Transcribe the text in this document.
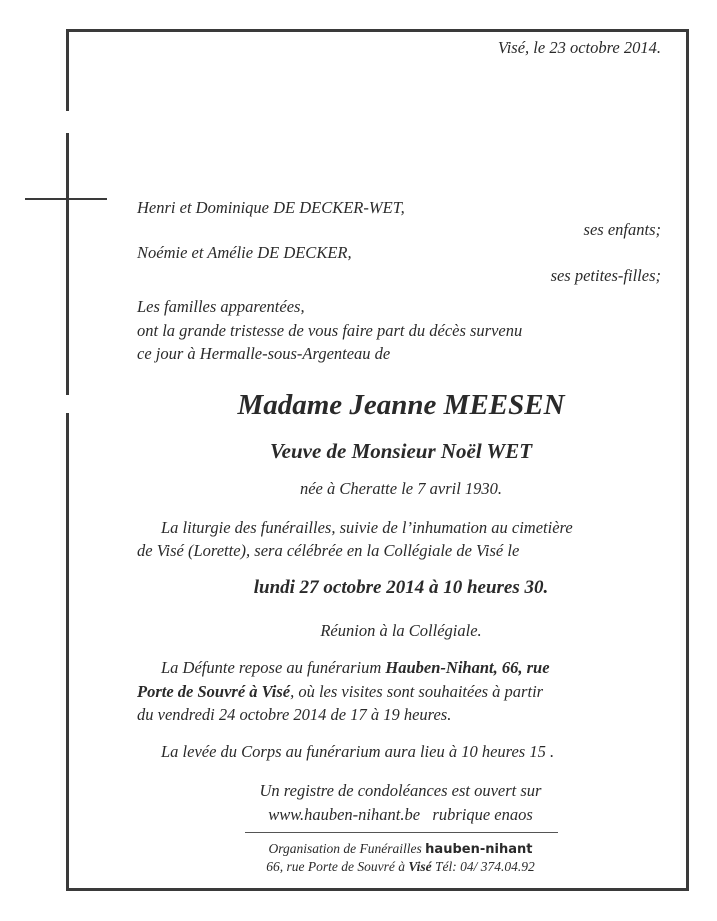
Visé, le 23 octobre 2014.
Henri et Dominique DE DECKER-WET,
ses enfants;
Noémie et Amélie DE DECKER,
ses petites-filles;
Les familles apparentées,
ont la grande tristesse de vous faire part du décès survenu
ce jour à Hermalle-sous-Argenteau de
Madame Jeanne MEESEN
Veuve de Monsieur Noël WET
née à Cheratte le 7 avril 1930.
La liturgie des funérailles, suivie de l’inhumation au cimetière
de Visé (Lorette), sera célébrée en la Collégiale de Visé le
lundi 27 octobre 2014 à 10 heures 30.
Réunion à la Collégiale.
La Défunte repose au funérarium Hauben-Nihant, 66, rue
Porte de Souvré à Visé, où les visites sont souhaitées à partir
du vendredi 24 octobre 2014 de 17 à 19 heures.
La levée du Corps au funérarium aura lieu à 10 heures 15 .
Un registre de condoléances est ouvert sur
www.hauben-nihant.be   rubrique enaos
Organisation de Funérailles hauben-nihant
66, rue Porte de Souvré à Visé Tél: 04/ 374.04.92
